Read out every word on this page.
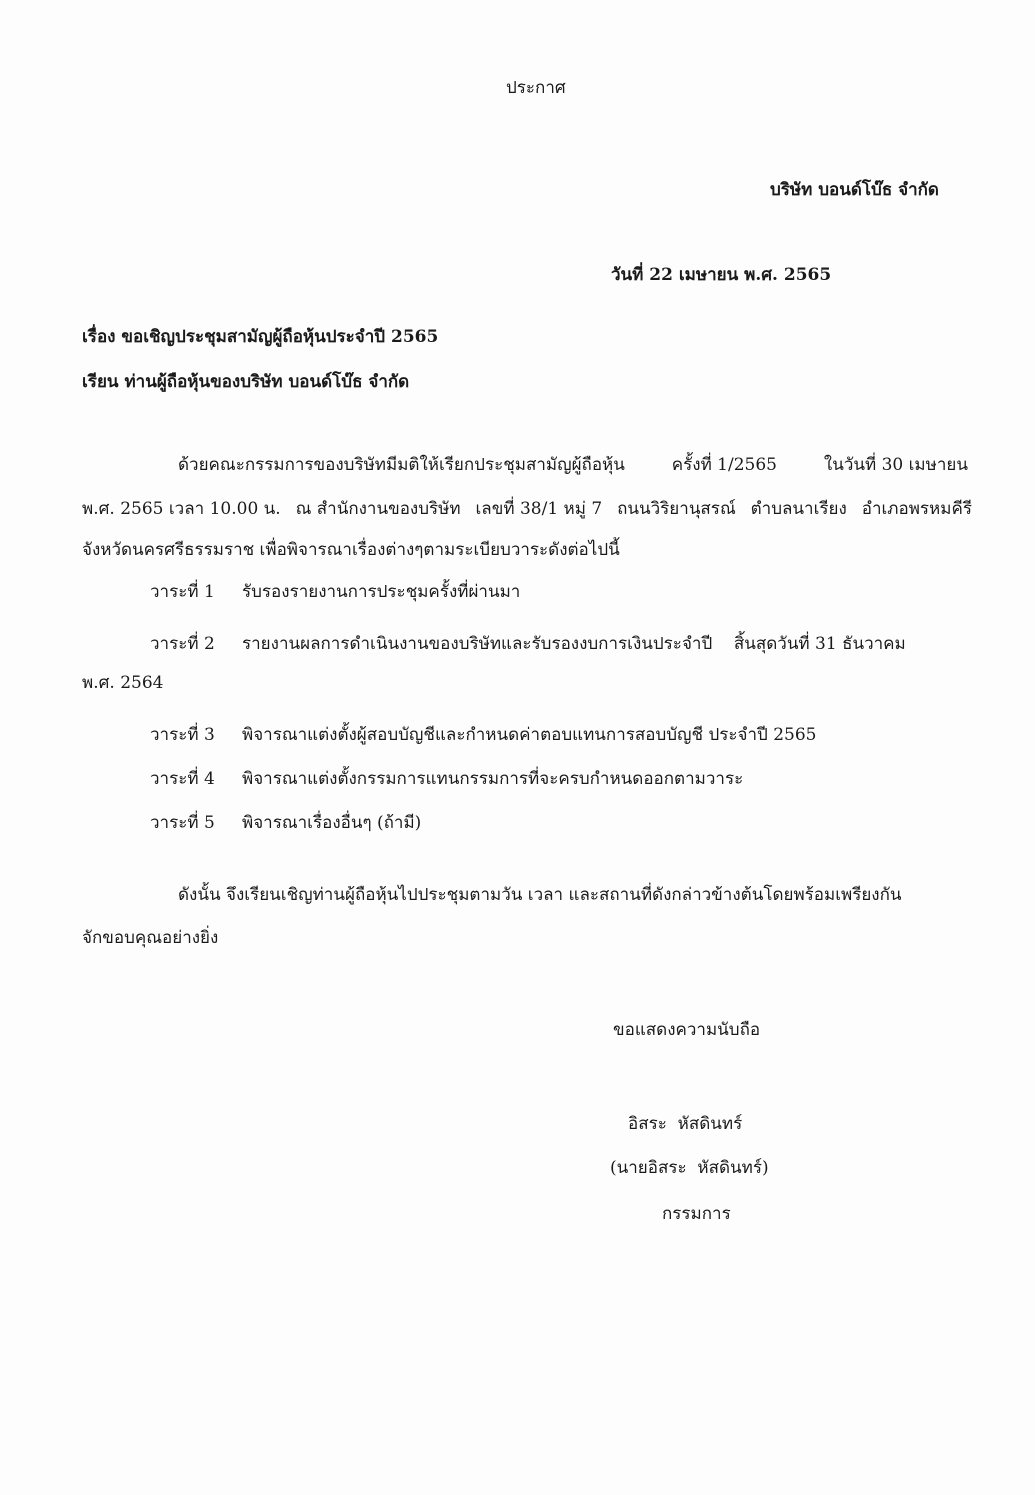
ประกาศ
บริษัท บอนด์โบ๊ธ จำกัด
วันที่ 22 เมษายน พ.ศ. 2565
เรื่อง ขอเชิญประชุมสามัญผู้ถือหุ้นประจำปี 2565
เรียน ท่านผู้ถือหุ้นของบริษัท บอนด์โบ๊ธ จำกัด
ด้วยคณะกรรมการของบริษัทมีมติให้เรียกประชุมสามัญผู้ถือหุ้น	ครั้งที่ 1/2565	ในวันที่ 30 เมษายน
พ.ศ. 2565 เวลา 10.00 น. ณ สำนักงานของบริษัท เลขที่ 38/1 หมู่ 7 ถนนวิริยานุสรณ์ ตำบลนาเรียง อำเภอพรหมคีรี
จังหวัดนครศรีธรรมราช เพื่อพิจารณาเรื่องต่างๆตามระเบียบวาระดังต่อไปนี้
วาระที่ 1 รับรองรายงานการประชุมครั้งที่ผ่านมา
วาระที่ 2 รายงานผลการดำเนินงานของบริษัทและรับรองงบการเงินประจำปี    สิ้นสุดวันที่ 31 ธันวาคม
พ.ศ. 2564
วาระที่ 3 พิจารณาแต่งตั้งผู้สอบบัญชีและกำหนดค่าตอบแทนการสอบบัญชี ประจำปี 2565
วาระที่ 4 พิจารณาแต่งตั้งกรรมการแทนกรรมการที่จะครบกำหนดออกตามวาระ
วาระที่ 5 พิจารณาเรื่องอื่นๆ (ถ้ามี)
ดังนั้น จึงเรียนเชิญท่านผู้ถือหุ้นไปประชุมตามวัน เวลา และสถานที่ดังกล่าวข้างต้นโดยพร้อมเพรียงกัน
จักขอบคุณอย่างยิ่ง
ขอแสดงความนับถือ
อิสระ  หัสดินทร์
(นายอิสระ  หัสดินทร์)
กรรมการ
